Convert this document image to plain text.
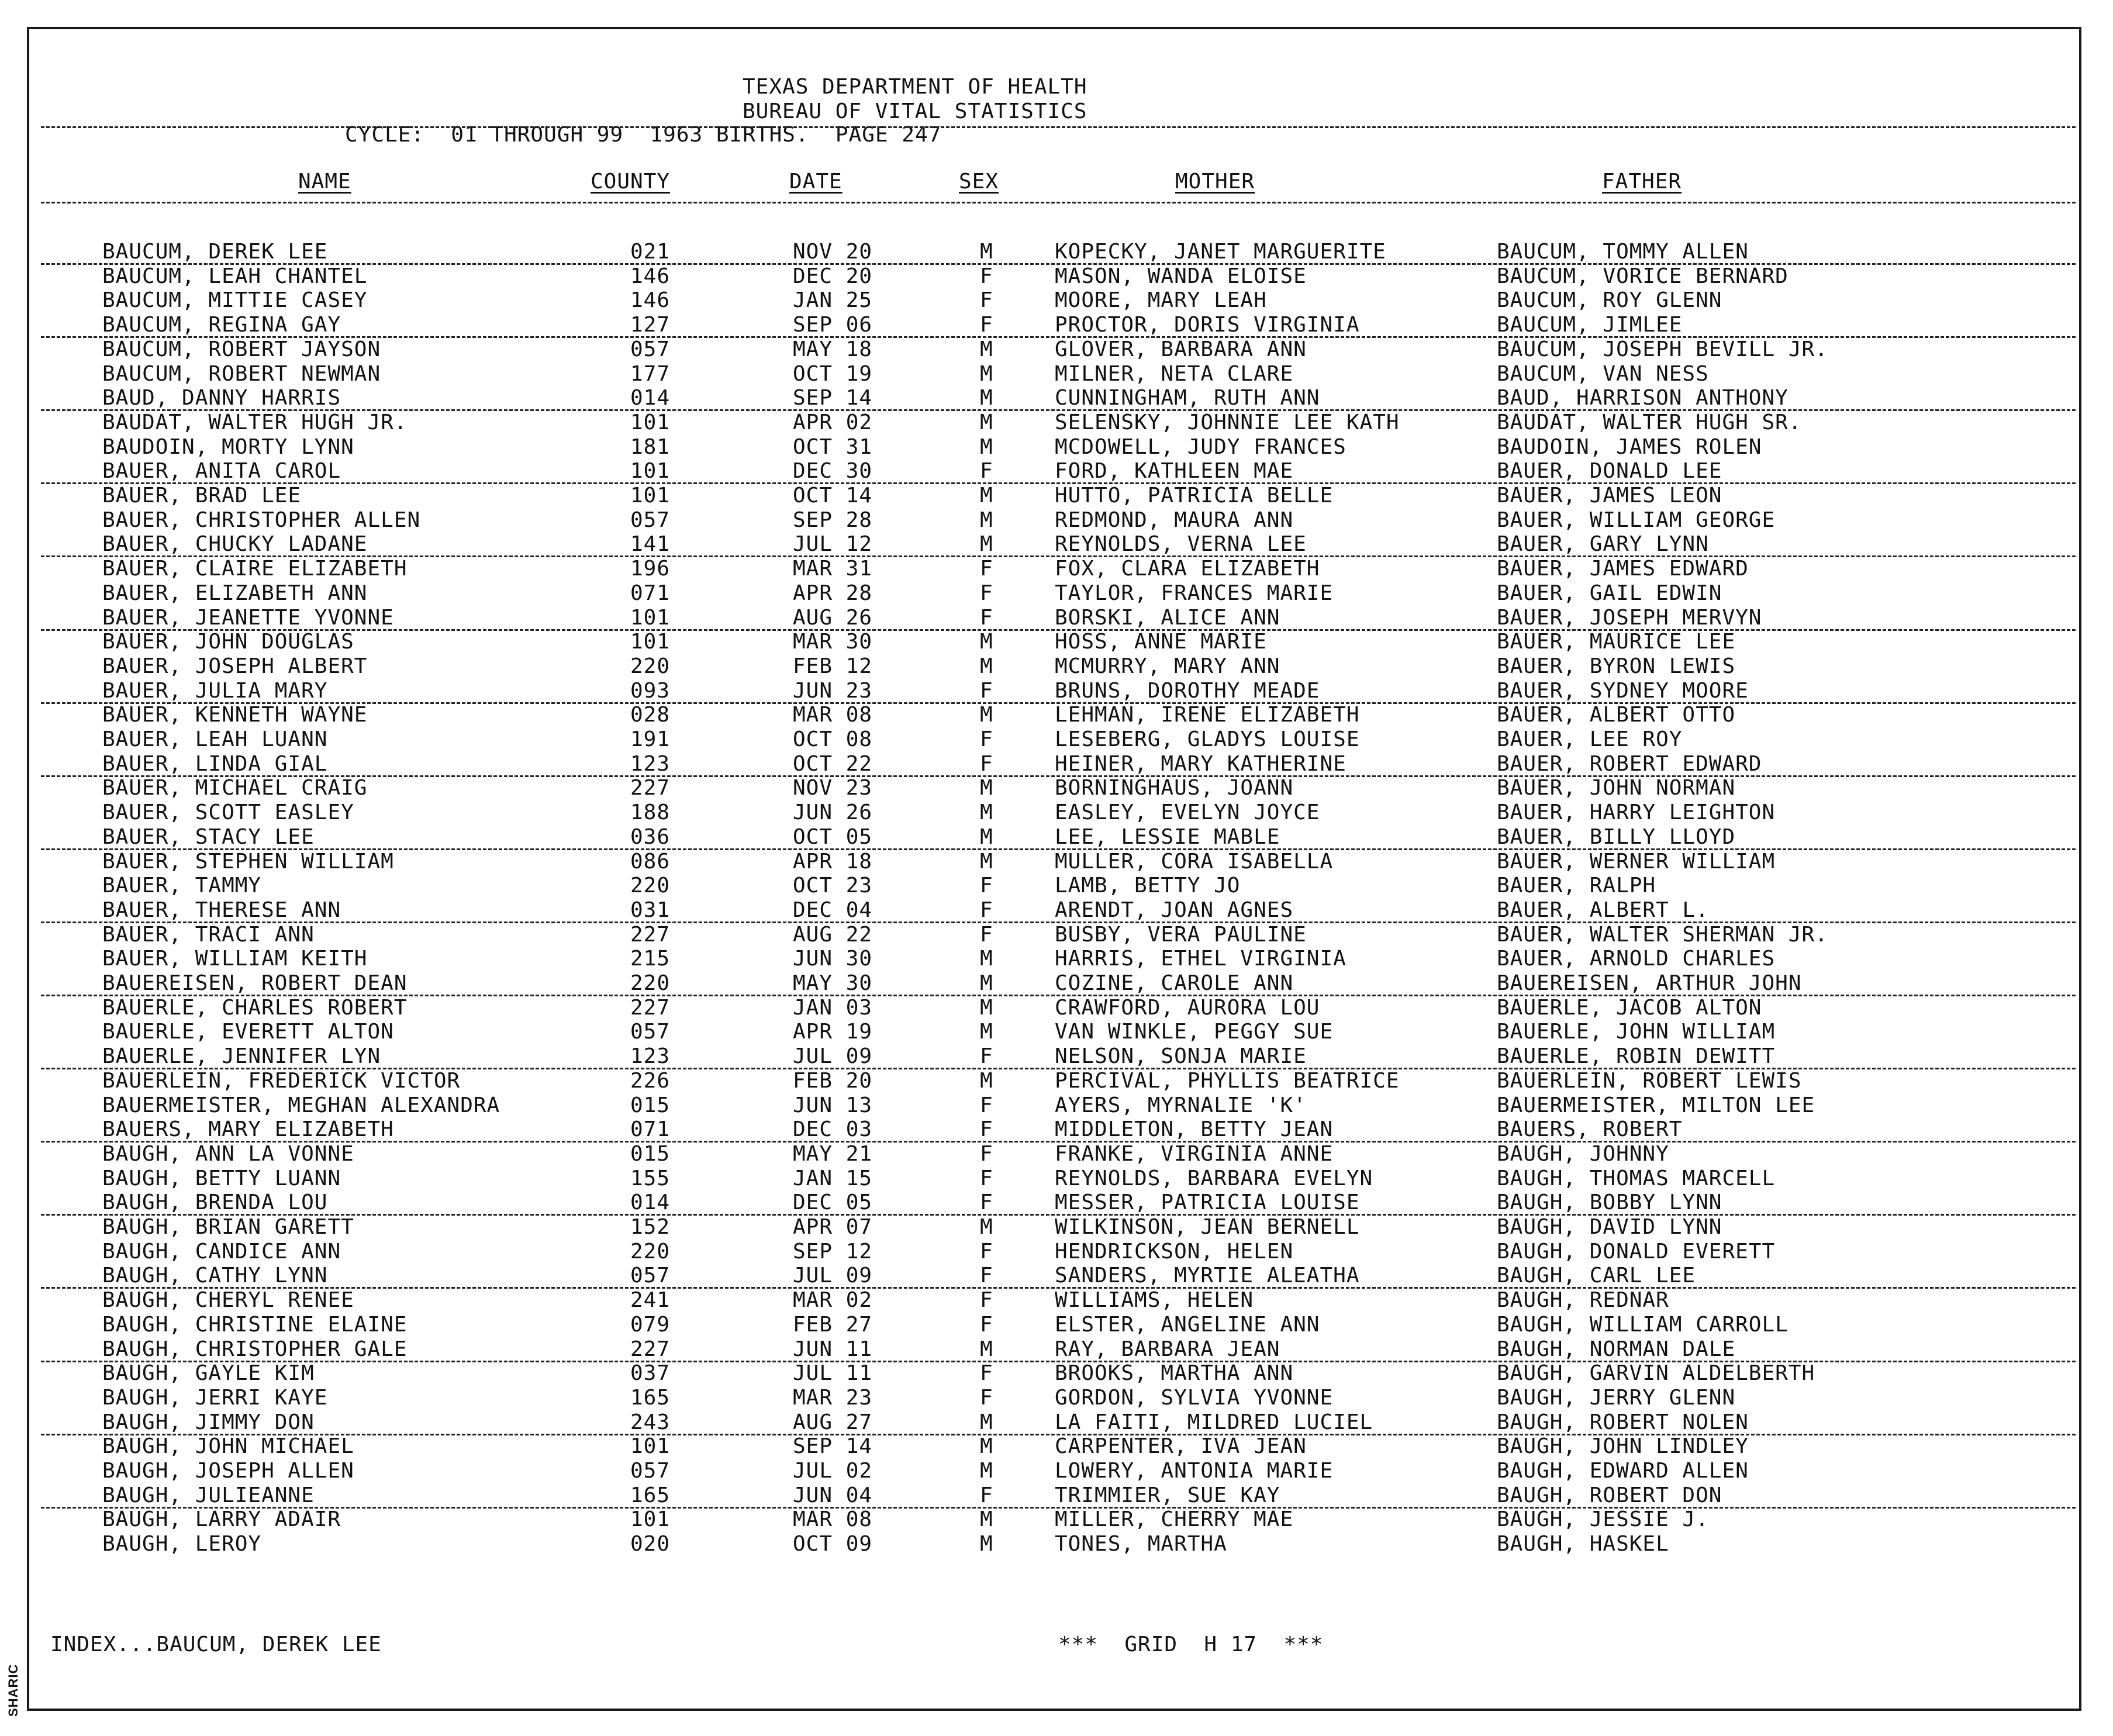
SHARIC
TEXAS DEPARTMENT OF HEALTH
BUREAU OF VITAL STATISTICS
CYCLE:  01 THROUGH 99  1963 BIRTHS.  PAGE 247
NAME	COUNTY	DATE	SEX	MOTHER	FATHER
BAUCUM, DEREK LEE	021	NOV 20	M	KOPECKY, JANET MARGUERITE	BAUCUM, TOMMY ALLEN
BAUCUM, LEAH CHANTEL	146	DEC 20	F	MASON, WANDA ELOISE	BAUCUM, VORICE BERNARD
BAUCUM, MITTIE CASEY	146	JAN 25	F	MOORE, MARY LEAH	BAUCUM, ROY GLENN
BAUCUM, REGINA GAY	127	SEP 06	F	PROCTOR, DORIS VIRGINIA	BAUCUM, JIMLEE
BAUCUM, ROBERT JAYSON	057	MAY 18	M	GLOVER, BARBARA ANN	BAUCUM, JOSEPH BEVILL JR.
BAUCUM, ROBERT NEWMAN	177	OCT 19	M	MILNER, NETA CLARE	BAUCUM, VAN NESS
BAUD, DANNY HARRIS	014	SEP 14	M	CUNNINGHAM, RUTH ANN	BAUD, HARRISON ANTHONY
BAUDAT, WALTER HUGH JR.	101	APR 02	M	SELENSKY, JOHNNIE LEE KATH	BAUDAT, WALTER HUGH SR.
BAUDOIN, MORTY LYNN	181	OCT 31	M	MCDOWELL, JUDY FRANCES	BAUDOIN, JAMES ROLEN
BAUER, ANITA CAROL	101	DEC 30	F	FORD, KATHLEEN MAE	BAUER, DONALD LEE
BAUER, BRAD LEE	101	OCT 14	M	HUTTO, PATRICIA BELLE	BAUER, JAMES LEON
BAUER, CHRISTOPHER ALLEN	057	SEP 28	M	REDMOND, MAURA ANN	BAUER, WILLIAM GEORGE
BAUER, CHUCKY LADANE	141	JUL 12	M	REYNOLDS, VERNA LEE	BAUER, GARY LYNN
BAUER, CLAIRE ELIZABETH	196	MAR 31	F	FOX, CLARA ELIZABETH	BAUER, JAMES EDWARD
BAUER, ELIZABETH ANN	071	APR 28	F	TAYLOR, FRANCES MARIE	BAUER, GAIL EDWIN
BAUER, JEANETTE YVONNE	101	AUG 26	F	BORSKI, ALICE ANN	BAUER, JOSEPH MERVYN
BAUER, JOHN DOUGLAS	101	MAR 30	M	HOSS, ANNE MARIE	BAUER, MAURICE LEE
BAUER, JOSEPH ALBERT	220	FEB 12	M	MCMURRY, MARY ANN	BAUER, BYRON LEWIS
BAUER, JULIA MARY	093	JUN 23	F	BRUNS, DOROTHY MEADE	BAUER, SYDNEY MOORE
BAUER, KENNETH WAYNE	028	MAR 08	M	LEHMAN, IRENE ELIZABETH	BAUER, ALBERT OTTO
BAUER, LEAH LUANN	191	OCT 08	F	LESEBERG, GLADYS LOUISE	BAUER, LEE ROY
BAUER, LINDA GIAL	123	OCT 22	F	HEINER, MARY KATHERINE	BAUER, ROBERT EDWARD
BAUER, MICHAEL CRAIG	227	NOV 23	M	BORNINGHAUS, JOANN	BAUER, JOHN NORMAN
BAUER, SCOTT EASLEY	188	JUN 26	M	EASLEY, EVELYN JOYCE	BAUER, HARRY LEIGHTON
BAUER, STACY LEE	036	OCT 05	M	LEE, LESSIE MABLE	BAUER, BILLY LLOYD
BAUER, STEPHEN WILLIAM	086	APR 18	M	MULLER, CORA ISABELLA	BAUER, WERNER WILLIAM
BAUER, TAMMY	220	OCT 23	F	LAMB, BETTY JO	BAUER, RALPH
BAUER, THERESE ANN	031	DEC 04	F	ARENDT, JOAN AGNES	BAUER, ALBERT L.
BAUER, TRACI ANN	227	AUG 22	F	BUSBY, VERA PAULINE	BAUER, WALTER SHERMAN JR.
BAUER, WILLIAM KEITH	215	JUN 30	M	HARRIS, ETHEL VIRGINIA	BAUER, ARNOLD CHARLES
BAUEREISEN, ROBERT DEAN	220	MAY 30	M	COZINE, CAROLE ANN	BAUEREISEN, ARTHUR JOHN
BAUERLE, CHARLES ROBERT	227	JAN 03	M	CRAWFORD, AURORA LOU	BAUERLE, JACOB ALTON
BAUERLE, EVERETT ALTON	057	APR 19	M	VAN WINKLE, PEGGY SUE	BAUERLE, JOHN WILLIAM
BAUERLE, JENNIFER LYN	123	JUL 09	F	NELSON, SONJA MARIE	BAUERLE, ROBIN DEWITT
BAUERLEIN, FREDERICK VICTOR	226	FEB 20	M	PERCIVAL, PHYLLIS BEATRICE	BAUERLEIN, ROBERT LEWIS
BAUERMEISTER, MEGHAN ALEXANDRA	015	JUN 13	F	AYERS, MYRNALIE 'K'	BAUERMEISTER, MILTON LEE
BAUERS, MARY ELIZABETH	071	DEC 03	F	MIDDLETON, BETTY JEAN	BAUERS, ROBERT
BAUGH, ANN LA VONNE	015	MAY 21	F	FRANKE, VIRGINIA ANNE	BAUGH, JOHNNY
BAUGH, BETTY LUANN	155	JAN 15	F	REYNOLDS, BARBARA EVELYN	BAUGH, THOMAS MARCELL
BAUGH, BRENDA LOU	014	DEC 05	F	MESSER, PATRICIA LOUISE	BAUGH, BOBBY LYNN
BAUGH, BRIAN GARETT	152	APR 07	M	WILKINSON, JEAN BERNELL	BAUGH, DAVID LYNN
BAUGH, CANDICE ANN	220	SEP 12	F	HENDRICKSON, HELEN	BAUGH, DONALD EVERETT
BAUGH, CATHY LYNN	057	JUL 09	F	SANDERS, MYRTIE ALEATHA	BAUGH, CARL LEE
BAUGH, CHERYL RENEE	241	MAR 02	F	WILLIAMS, HELEN	BAUGH, REDNAR
BAUGH, CHRISTINE ELAINE	079	FEB 27	F	ELSTER, ANGELINE ANN	BAUGH, WILLIAM CARROLL
BAUGH, CHRISTOPHER GALE	227	JUN 11	M	RAY, BARBARA JEAN	BAUGH, NORMAN DALE
BAUGH, GAYLE KIM	037	JUL 11	F	BROOKS, MARTHA ANN	BAUGH, GARVIN ALDELBERTH
BAUGH, JERRI KAYE	165	MAR 23	F	GORDON, SYLVIA YVONNE	BAUGH, JERRY GLENN
BAUGH, JIMMY DON	243	AUG 27	M	LA FAITI, MILDRED LUCIEL	BAUGH, ROBERT NOLEN
BAUGH, JOHN MICHAEL	101	SEP 14	M	CARPENTER, IVA JEAN	BAUGH, JOHN LINDLEY
BAUGH, JOSEPH ALLEN	057	JUL 02	M	LOWERY, ANTONIA MARIE	BAUGH, EDWARD ALLEN
BAUGH, JULIEANNE	165	JUN 04	F	TRIMMIER, SUE KAY	BAUGH, ROBERT DON
BAUGH, LARRY ADAIR	101	MAR 08	M	MILLER, CHERRY MAE	BAUGH, JESSIE J.
BAUGH, LEROY	020	OCT 09	M	TONES, MARTHA	BAUGH, HASKEL
INDEX...BAUCUM, DEREK LEE	***  GRID  H 17  ***
